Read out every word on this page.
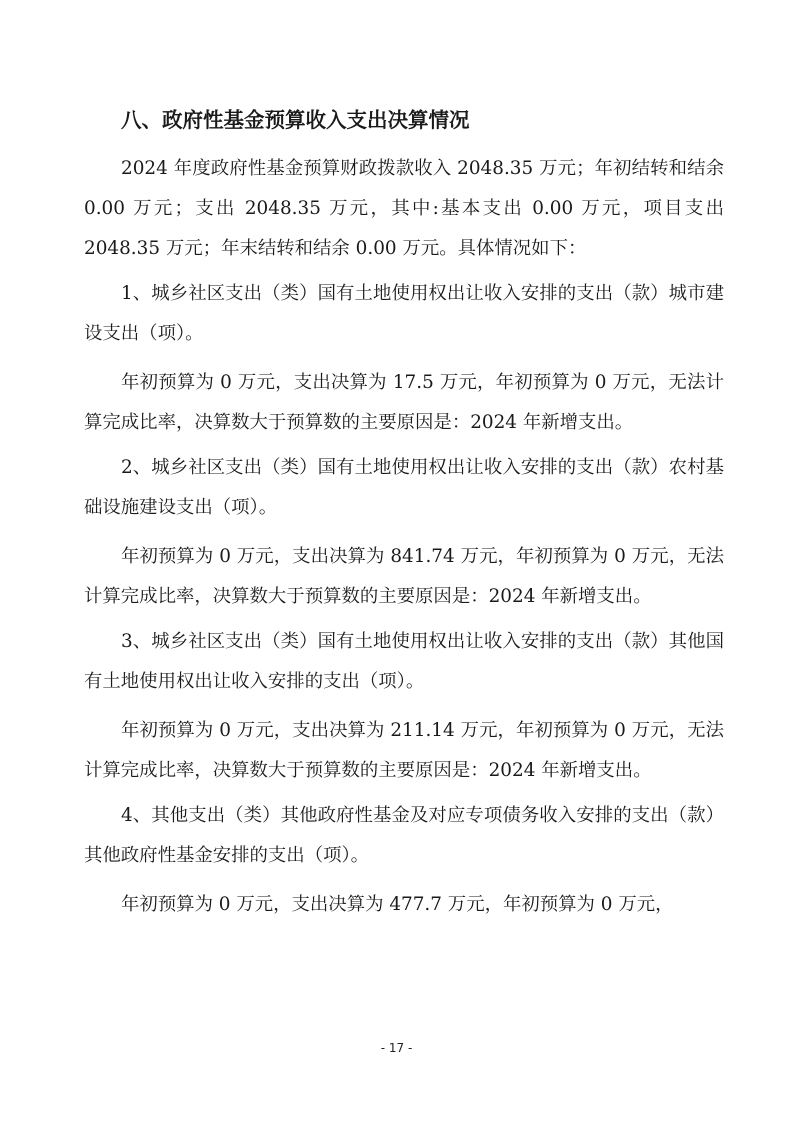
八、政府性基金预算收入支出决算情况

2024 年度政府性基金预算财政拨款收入 2048.35 万元；年初结转和结余 0.00 万元；支出 2048.35 万元，其中:基本支出 0.00 万元，项目支出 2048.35 万元；年末结转和结余 0.00 万元。具体情况如下：

1、城乡社区支出（类）国有土地使用权出让收入安排的支出（款）城市建设支出（项）。

年初预算为 0 万元，支出决算为 17.5 万元，年初预算为 0 万元，无法计算完成比率，决算数大于预算数的主要原因是：2024 年新增支出。

2、城乡社区支出（类）国有土地使用权出让收入安排的支出（款）农村基础设施建设支出（项）。

年初预算为 0 万元，支出决算为 841.74 万元，年初预算为 0 万元，无法计算完成比率，决算数大于预算数的主要原因是：2024 年新增支出。

3、城乡社区支出（类）国有土地使用权出让收入安排的支出（款）其他国有土地使用权出让收入安排的支出（项）。

年初预算为 0 万元，支出决算为 211.14 万元，年初预算为 0 万元，无法计算完成比率，决算数大于预算数的主要原因是：2024 年新增支出。

4、其他支出（类）其他政府性基金及对应专项债务收入安排的支出（款）其他政府性基金安排的支出（项）。

年初预算为 0 万元，支出决算为 477.7 万元，年初预算为 0 万元，

- 17 -
